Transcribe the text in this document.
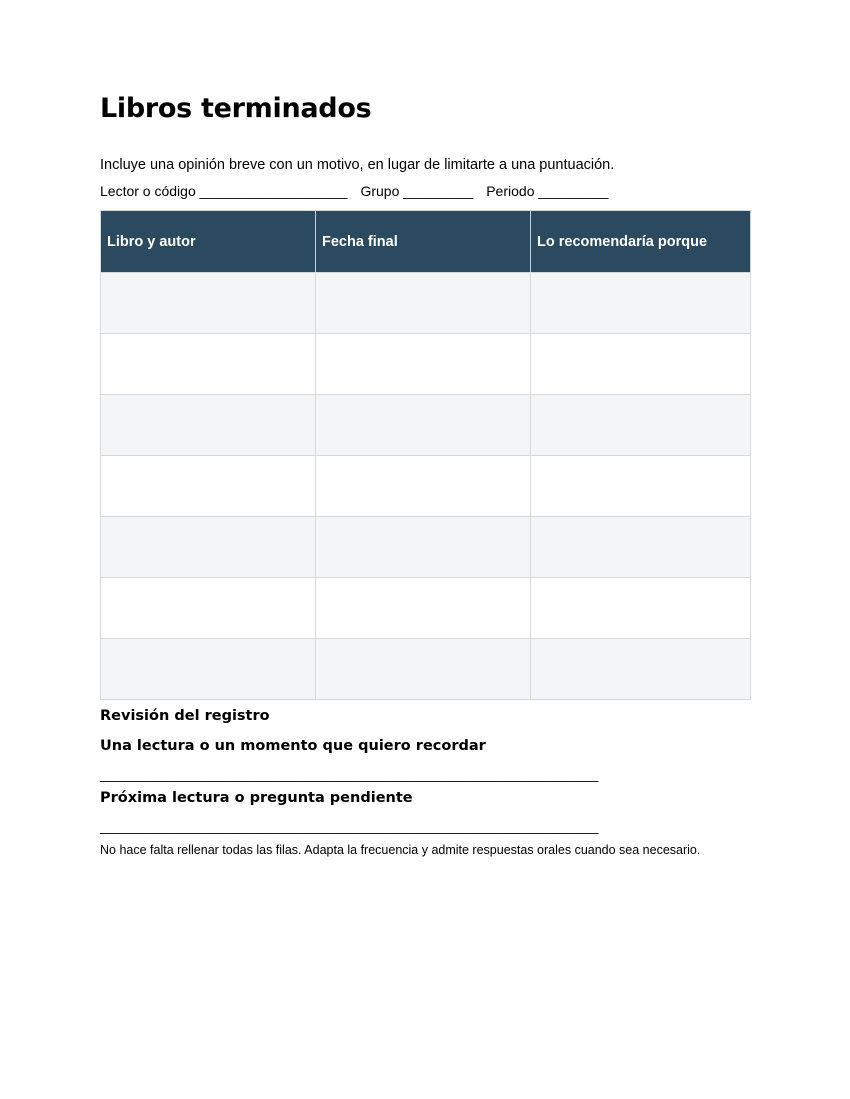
Libros terminados

Incluye una opinión breve con un motivo, en lugar de limitarte a una puntuación.

Lector o código ___________________ Grupo _________ Periodo _________

Libro y autor	Fecha final	Lo recomendaría porque

Revisión del registro

Una lectura o un momento que quiero recordar

________________________________________________________________

Próxima lectura o pregunta pendiente

________________________________________________________________

No hace falta rellenar todas las filas. Adapta la frecuencia y admite respuestas orales cuando sea necesario.
